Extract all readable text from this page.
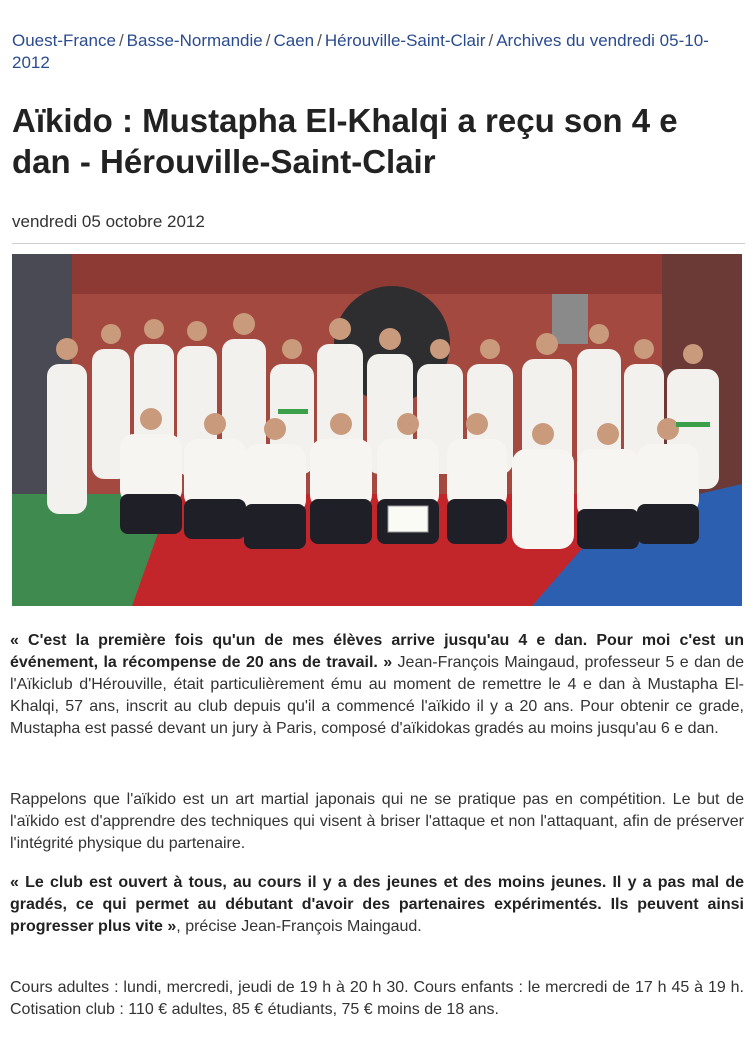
Ouest-France / Basse-Normandie / Caen / Hérouville-Saint-Clair / Archives du vendredi 05-10-2012
Aïkido : Mustapha El-Khalqi a reçu son 4 e dan - Hérouville-Saint-Clair
vendredi 05 octobre 2012
« C'est la première fois qu'un de mes élèves arrive jusqu'au 4 e dan. Pour moi c'est un événement, la récompense de 20 ans de travail. » Jean-François Maingaud, professeur 5 e dan de l'Aïkiclub d'Hérouville, était particulièrement ému au moment de remettre le 4 e dan à Mustapha El-Khalqi, 57 ans, inscrit au club depuis qu'il a commencé l'aïkido il y a 20 ans. Pour obtenir ce grade, Mustapha est passé devant un jury à Paris, composé d'aïkidokas gradés au moins jusqu'au 6 e dan.
Rappelons que l'aïkido est un art martial japonais qui ne se pratique pas en compétition. Le but de l'aïkido est d'apprendre des techniques qui visent à briser l'attaque et non l'attaquant, afin de préserver l'intégrité physique du partenaire.
« Le club est ouvert à tous, au cours il y a des jeunes et des moins jeunes. Il y a pas mal de gradés, ce qui permet au débutant d'avoir des partenaires expérimentés. Ils peuvent ainsi progresser plus vite », précise Jean-François Maingaud.
Cours adultes : lundi, mercredi, jeudi de 19 h à 20 h 30. Cours enfants : le mercredi de 17 h 45 à 19 h. Cotisation club : 110 € adultes, 85 € étudiants, 75 € moins de 18 ans.
